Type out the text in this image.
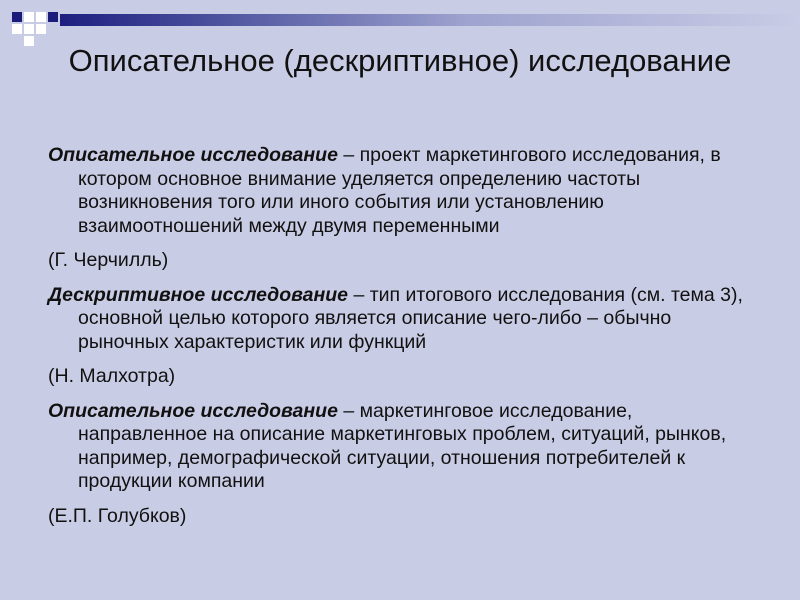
Описательное (дескриптивное) исследование

Описательное исследование – проект маркетингового исследования, в котором основное внимание уделяется определению частоты возникновения того или иного события или установлению взаимоотношений между двумя переменными

(Г. Черчилль)

Дескриптивное исследование – тип итогового исследования (см. тема 3), основной целью которого является описание чего-либо – обычно рыночных характеристик или функций

(Н. Малхотра)

Описательное исследование – маркетинговое исследование, направленное на описание маркетинговых проблем, ситуаций, рынков, например, демографической ситуации, отношения потребителей к продукции компании

(Е.П. Голубков)
